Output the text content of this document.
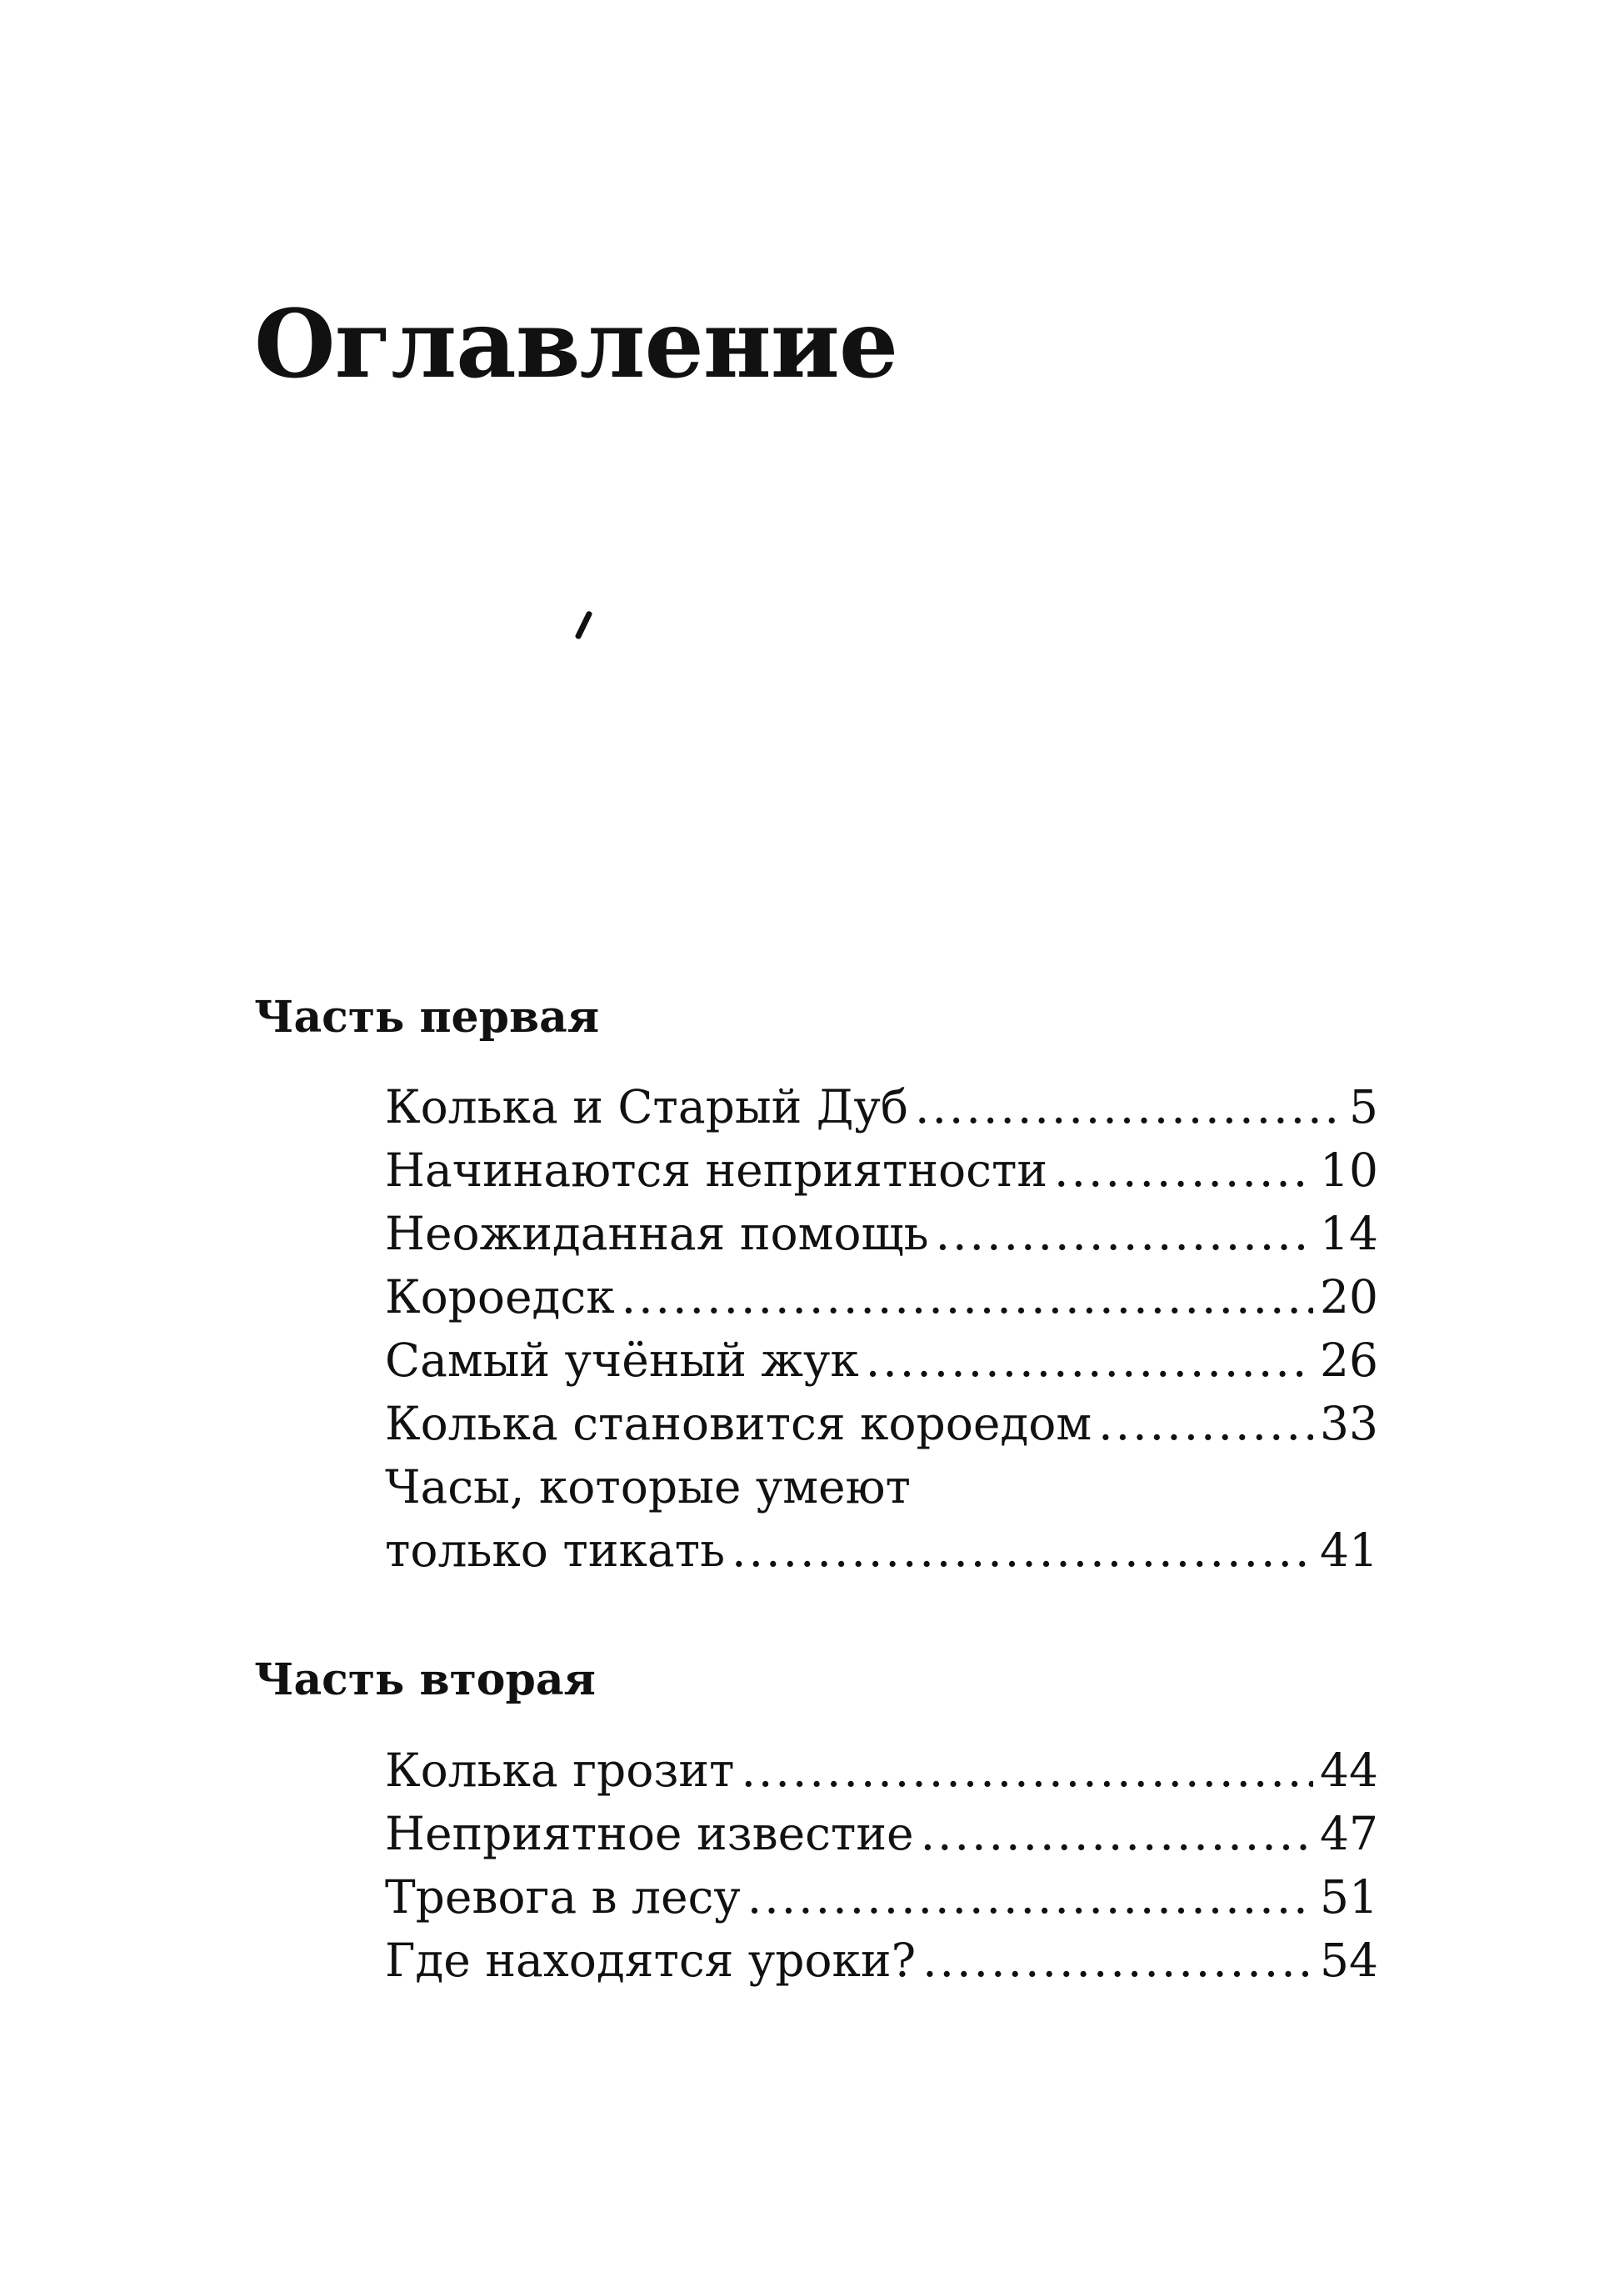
Оглавление
Часть первая
Колька и Старый Дуб .....	5
Начинаются неприятности .....	10
Неожиданная помощь .....	14
Короедск .....	20
Самый учёный жук .....	26
Колька становится короедом .....	33
Часы, которые умеют
только тикать .....	41
Часть вторая
Колька грозит .....	44
Неприятное известие .....	47
Тревога в лесу .....	51
Где находятся уроки? .....	54
